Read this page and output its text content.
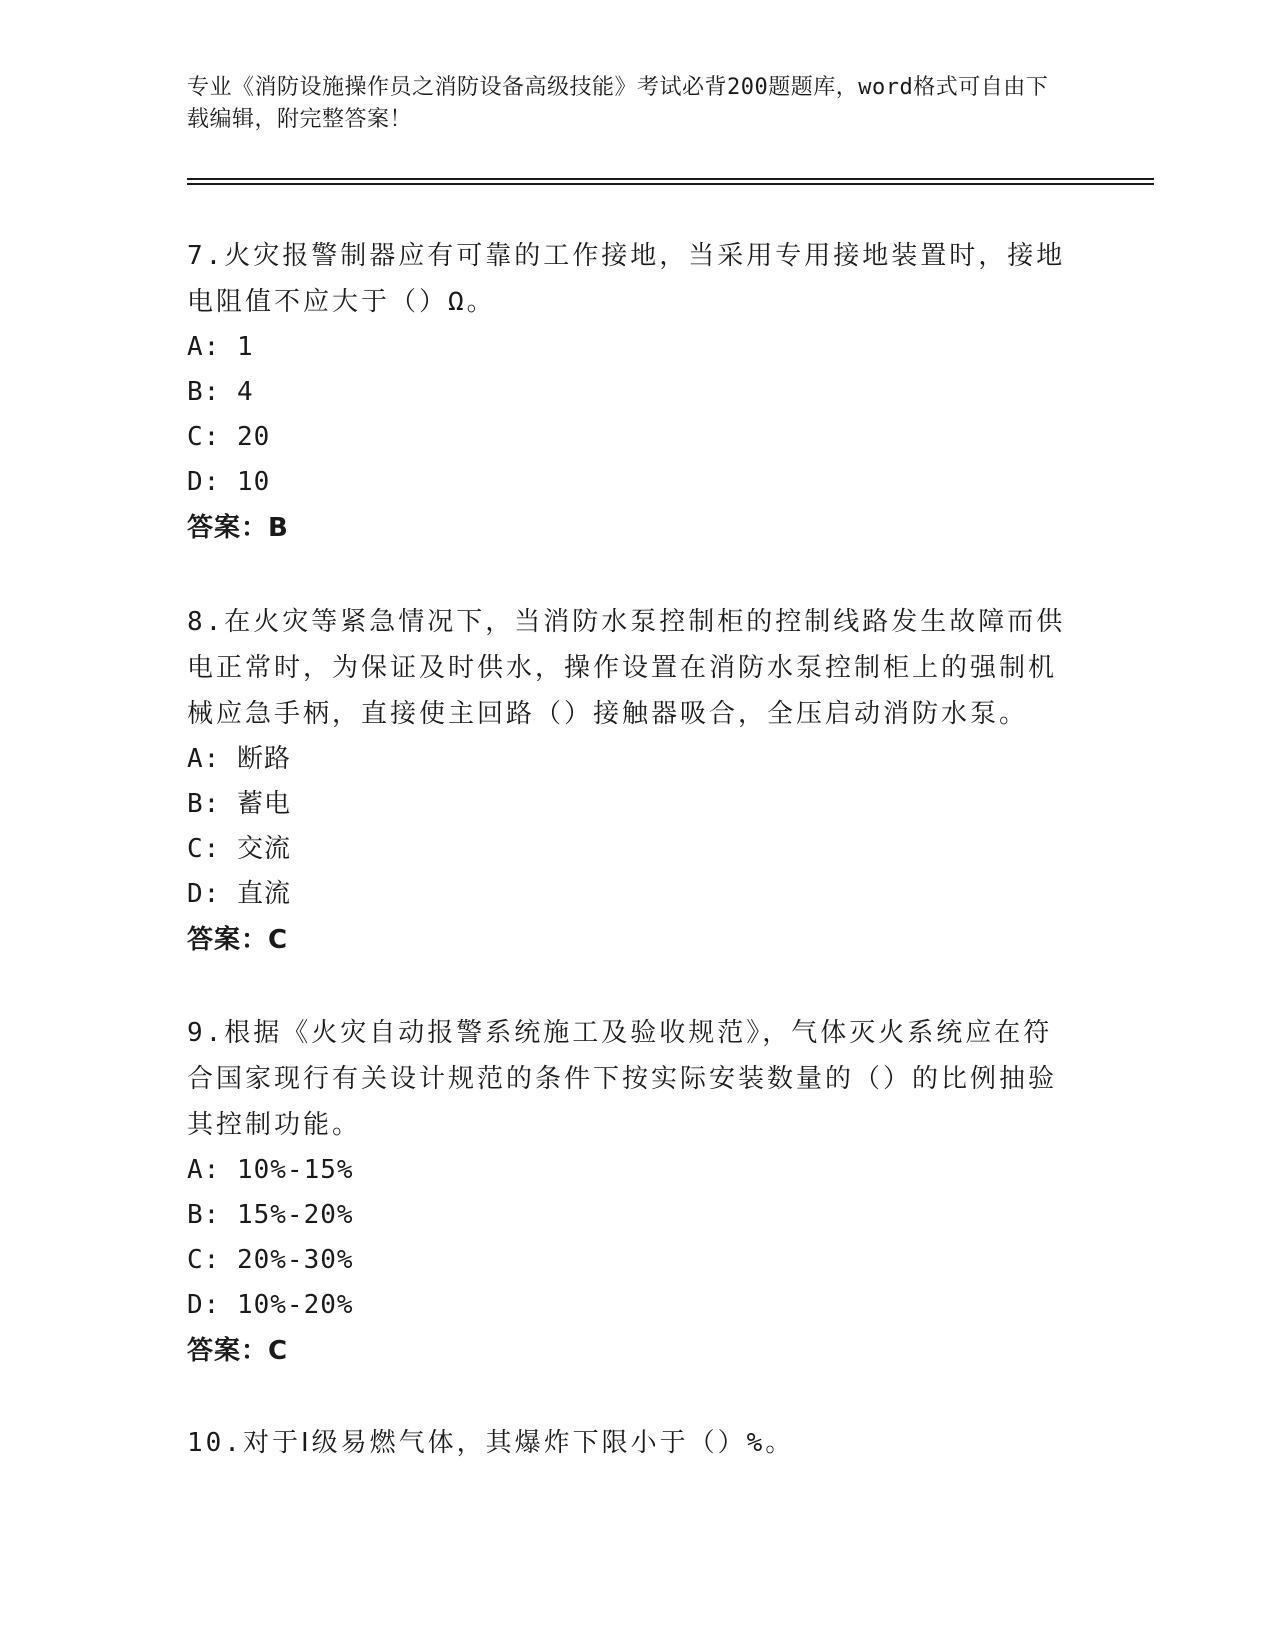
专业《消防设施操作员之消防设备高级技能》考试必背200题题库，word格式可自由下载编辑，附完整答案！

7.火灾报警制器应有可靠的工作接地，当采用专用接地装置时，接地电阻值不应大于（）Ω。

A: 1

B: 4

C: 20

D: 10

答案：B

8.在火灾等紧急情况下，当消防水泵控制柜的控制线路发生故障而供电正常时，为保证及时供水，操作设置在消防水泵控制柜上的强制机械应急手柄，直接使主回路（）接触器吸合，全压启动消防水泵。

A: 断路

B: 蓄电

C: 交流

D: 直流

答案：C

9.根据《火灾自动报警系统施工及验收规范》，气体灭火系统应在符合国家现行有关设计规范的条件下按实际安装数量的（）的比例抽验其控制功能。

A: 10%-15%

B: 15%-20%

C: 20%-30%

D: 10%-20%

答案：C

10.对于Ⅰ级易燃气体，其爆炸下限小于（）%。
